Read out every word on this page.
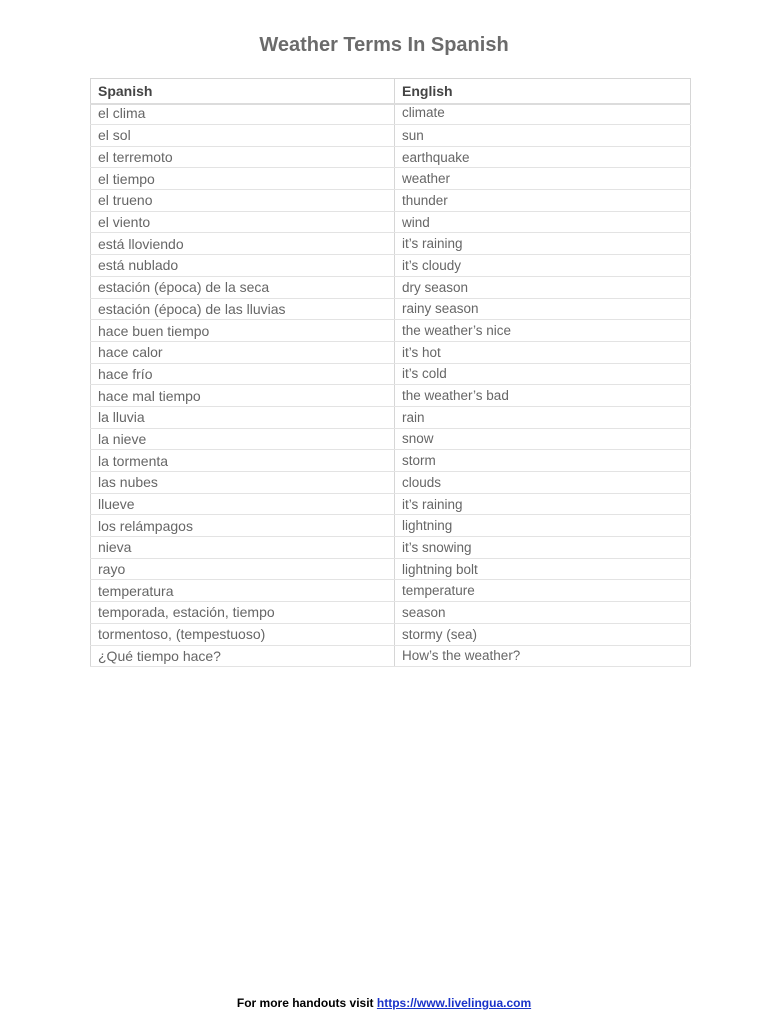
Weather Terms In Spanish
Spanish	English
el clima	climate
el sol	sun
el terremoto	earthquake
el tiempo	weather
el trueno	thunder
el viento	wind
está lloviendo	it’s raining
está nublado	it’s cloudy
estación (época) de la seca	dry season
estación (época) de las lluvias	rainy season
hace buen tiempo	the weather’s nice
hace calor	it’s hot
hace frío	it’s cold
hace mal tiempo	the weather’s bad
la lluvia	rain
la nieve	snow
la tormenta	storm
las nubes	clouds
llueve	it’s raining
los relámpagos	lightning
nieva	it’s snowing
rayo	lightning bolt
temperatura	temperature
temporada, estación, tiempo	season
tormentoso, (tempestuoso)	stormy (sea)
¿Qué tiempo hace?	How’s the weather?
For more handouts visit https://www.livelingua.com
